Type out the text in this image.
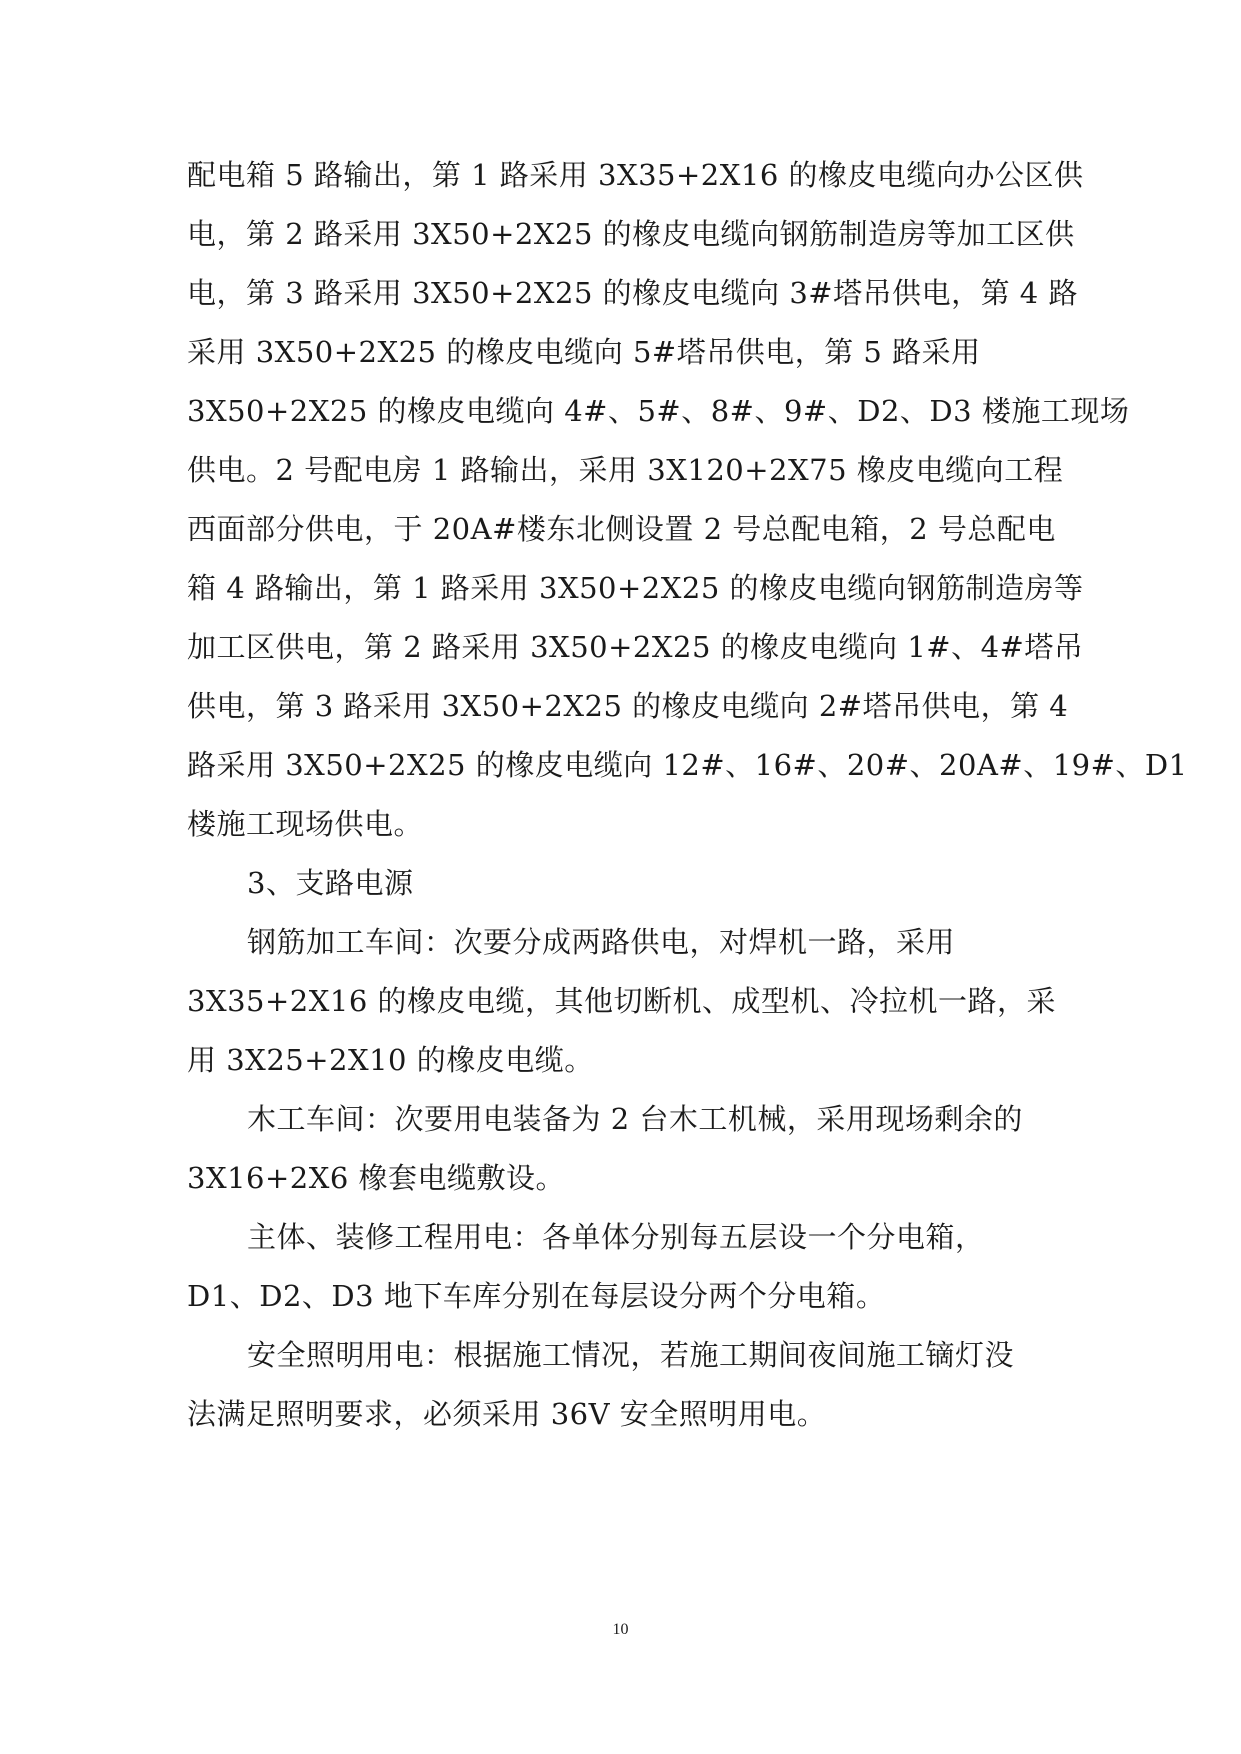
配电箱 5 路输出，第 1 路采用 3X35+2X16 的橡皮电缆向办公区供
电，第 2 路采用 3X50+2X25 的橡皮电缆向钢筋制造房等加工区供
电，第 3 路采用 3X50+2X25 的橡皮电缆向 3#塔吊供电，第 4 路
采用 3X50+2X25 的橡皮电缆向 5#塔吊供电，第 5 路采用
3X50+2X25 的橡皮电缆向 4#、5#、8#、9#、D2、D3 楼施工现场
供电。2 号配电房 1 路输出，采用 3X120+2X75 橡皮电缆向工程
西面部分供电，于 20A#楼东北侧设置 2 号总配电箱，2 号总配电
箱 4 路输出，第 1 路采用 3X50+2X25 的橡皮电缆向钢筋制造房等
加工区供电，第 2 路采用 3X50+2X25 的橡皮电缆向 1#、4#塔吊
供电，第 3 路采用 3X50+2X25 的橡皮电缆向 2#塔吊供电，第 4
路采用 3X50+2X25 的橡皮电缆向 12#、16#、20#、20A#、19#、D1
楼施工现场供电。
3、支路电源
钢筋加工车间：次要分成两路供电，对焊机一路，采用
3X35+2X16 的橡皮电缆，其他切断机、成型机、冷拉机一路，采
用 3X25+2X10 的橡皮电缆。
木工车间：次要用电装备为 2 台木工机械，采用现场剩余的
3X16+2X6 橡套电缆敷设。
主体、装修工程用电：各单体分别每五层设一个分电箱，
D1、D2、D3 地下车库分别在每层设分两个分电箱。
安全照明用电：根据施工情况，若施工期间夜间施工镝灯没
法满足照明要求，必须采用 36V 安全照明用电。
10
